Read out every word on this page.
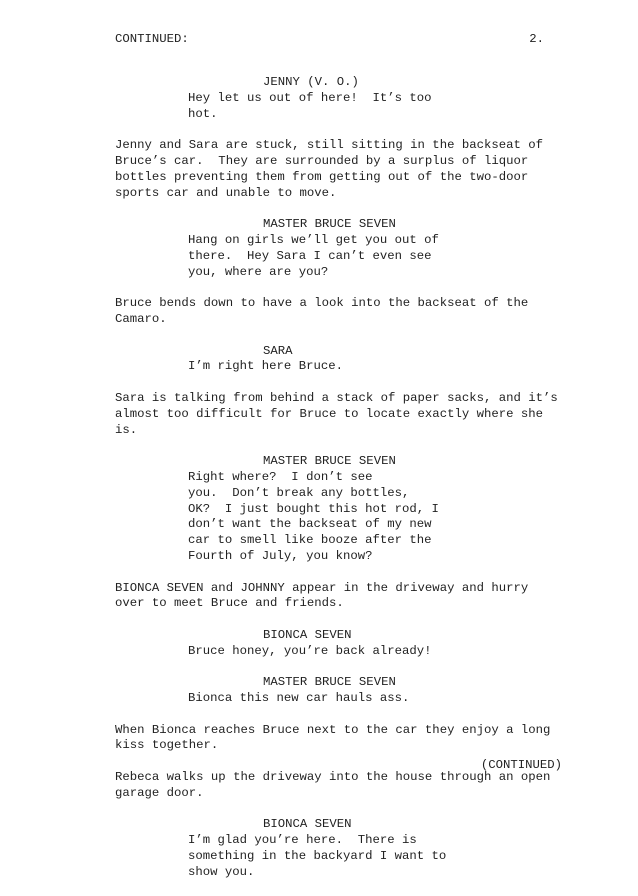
CONTINUED:	2.
JENNY (V. O.)
Hey let us out of here!  It’s too
hot.
Jenny and Sara are stuck, still sitting in the backseat of
Bruce’s car.  They are surrounded by a surplus of liquor
bottles preventing them from getting out of the two-door
sports car and unable to move.
MASTER BRUCE SEVEN
Hang on girls we’ll get you out of
there.  Hey Sara I can’t even see
you, where are you?
Bruce bends down to have a look into the backseat of the
Camaro.
SARA
I’m right here Bruce.
Sara is talking from behind a stack of paper sacks, and it’s
almost too difficult for Bruce to locate exactly where she
is.
MASTER BRUCE SEVEN
Right where?  I don’t see
you.  Don’t break any bottles,
OK?  I just bought this hot rod, I
don’t want the backseat of my new
car to smell like booze after the
Fourth of July, you know?
BIONCA SEVEN and JOHNNY appear in the driveway and hurry
over to meet Bruce and friends.
BIONCA SEVEN
Bruce honey, you’re back already!
MASTER BRUCE SEVEN
Bionca this new car hauls ass.
When Bionca reaches Bruce next to the car they enjoy a long
kiss together.
Rebeca walks up the driveway into the house through an open
garage door.
BIONCA SEVEN
I’m glad you’re here.  There is
something in the backyard I want to
show you.
(CONTINUED)
